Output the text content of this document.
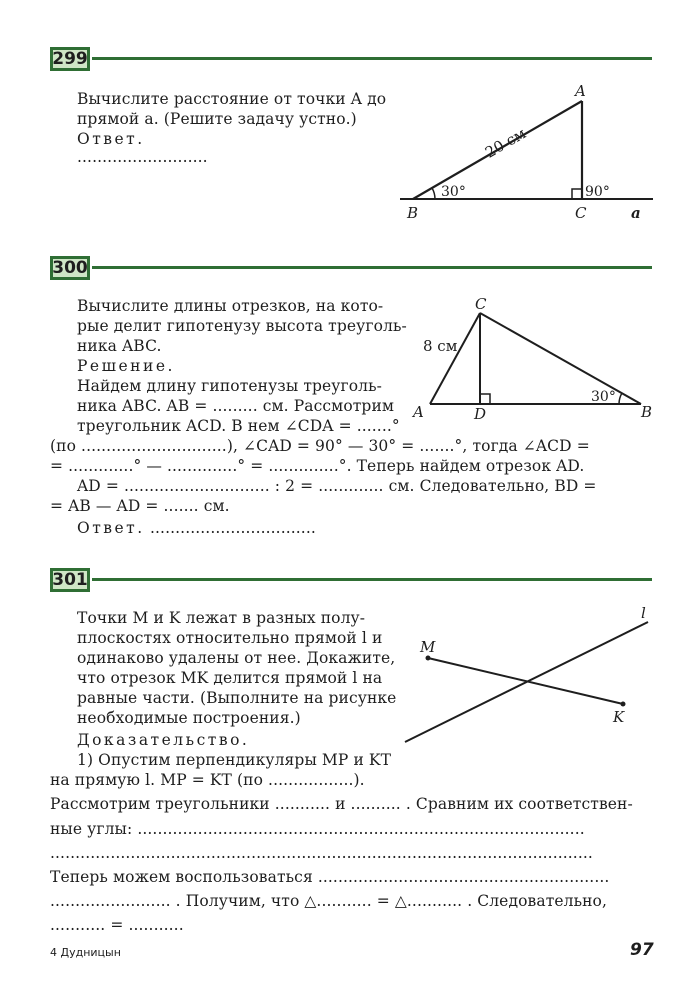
299
Вычислите расстояние от точки A до
прямой a. (Решите задачу устно.)
Ответ.
..........................
A
B	C	a
20 см
30°	90°
300
Вычислите длины отрезков, на кото-
рые делит гипотенузу высота треуголь-
ника ABC.
Решение.
Найдем длину гипотенузы треуголь-
ника ABC. AB = ......... см. Рассмотрим
треугольник ACD. В нем ∠CDA = .......°
(по .............................), ∠CAD = 90° — 30° = .......°, тогда ∠ACD =
= .............° — ..............° = ..............°. Теперь найдем отрезок AD.
AD = ............................. : 2 = ............. см. Следовательно, BD =
= AB — AD = ....... см.
Ответ. .................................
C
A	D	B
8 см
30°
301
Точки M и K лежат в разных полу-
плоскостях относительно прямой l и
одинаково удалены от нее. Докажите,
что отрезок MK делится прямой l на
равные части. (Выполните на рисунке
необходимые построения.)
Доказательство.
1) Опустим перпендикуляры MP и KT
на прямую l. MP = KT (по .................).
Рассмотрим треугольники ........... и .......... . Сравним их соответствен-
ные углы: .........................................................................................
............................................................................................................
Теперь можем воспользоваться ..........................................................
........................ . Получим, что △........... = △........... . Следовательно,
........... = ...........
M
K
l
4 Дудницын	97
